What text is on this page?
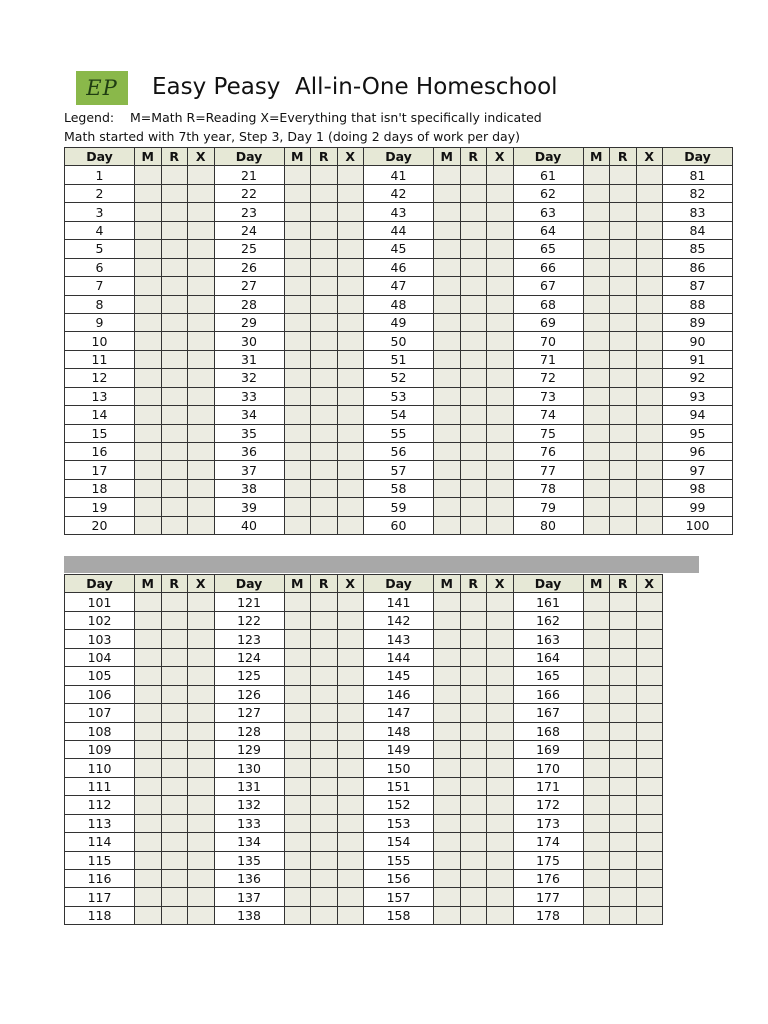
EP	Easy Peasy  All-in-One Homeschool
Legend:    M=Math R=Reading X=Everything that isn't specifically indicated
Math started with 7th year, Step 3, Day 1 (doing 2 days of work per day)
Day	M	R	X	Day	M	R	X	Day	M	R	X	Day	M	R	X	Day
1				21				41				61				81
2				22				42				62				82
3				23				43				63				83
4				24				44				64				84
5				25				45				65				85
6				26				46				66				86
7				27				47				67				87
8				28				48				68				88
9				29				49				69				89
10				30				50				70				90
11				31				51				71				91
12				32				52				72				92
13				33				53				73				93
14				34				54				74				94
15				35				55				75				95
16				36				56				76				96
17				37				57				77				97
18				38				58				78				98
19				39				59				79				99
20				40				60				80				100
Day	M	R	X	Day	M	R	X	Day	M	R	X	Day	M	R	X
101				121				141				161			
102				122				142				162			
103				123				143				163			
104				124				144				164			
105				125				145				165			
106				126				146				166			
107				127				147				167			
108				128				148				168			
109				129				149				169			
110				130				150				170			
111				131				151				171			
112				132				152				172			
113				133				153				173			
114				134				154				174			
115				135				155				175			
116				136				156				176			
117				137				157				177			
118				138				158				178			
